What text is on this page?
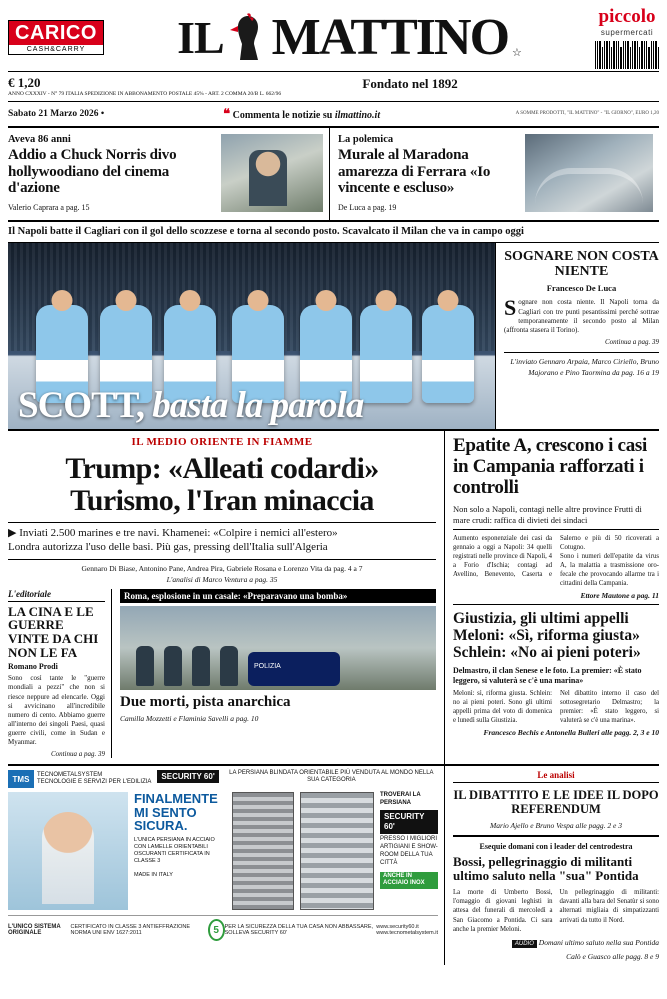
CARICO
CASH&CARRY	IL MATTINO ☆
piccolo
supermercati
€ 1,20
ANNO CXXXIV - N° 79 ITALIA SPEDIZIONE IN ABBONAMENTO POSTALE 45% - ART. 2 COMMA 20/B L. 662/96
Fondato nel 1892
Sabato 21 Marzo 2026 •	❝ Commenta le notizie su ilmattino.it	A SOMME PRODOTTI, "IL MATTINO" - "IL GIORNO", EURO 1,20
Aveva 86 anni
Addio a Chuck Norris divo hollywoodiano del cinema d'azione
Valerio Caprara a pag. 15
La polemica
Murale al Maradona amarezza di Ferrara «Io vincente e escluso»
De Luca a pag. 19
Il Napoli batte il Cagliari con il gol dello scozzese e torna al secondo posto. Scavalcato il Milan che va in campo oggi
SCOTT, basta la parola
SOGNARE NON COSTA NIENTE
Francesco De Luca

Sognare non costa niente. Il Napoli torna da Cagliari con tre punti pesantissimi perché sottrae temporaneamente il secondo posto al Milan (affronta stasera il Torino).

Continua a pag. 39
L'inviato Gennaro Arpaia, Marco Ciriello, Bruno Majorano e Pino Taormina da pag. 16 a 19
IL MEDIO ORIENTE IN FIAMME
Trump: «Alleati codardi»
Turismo, l'Iran minaccia
▶ Inviati 2.500 marines e tre navi. Khamenei: «Colpire i nemici all'estero»
Londra autorizza l'uso delle basi. Più gas, pressing dell'Italia sull'Algeria
Gennaro Di Biase, Antonino Pane, Andrea Pira, Gabriele Rosana e Lorenzo Vita da pag. 4 a 7
L'analisi di Marco Ventura a pag. 35
L'editoriale
LA CINA E LE GUERRE VINTE DA CHI NON LE FA
Romano Prodi

Sono così tante le "guerre mondiali a pezzi" che non si riesce neppure ad elencarle. Oggi si avvicinano all'incredibile numero di cento. Abbiamo guerre all'interno dei singoli Paesi, quasi guerre civili, come in Sudan e Myanmar.

Continua a pag. 39
Roma, esplosione in un casale: «Preparavano una bomba»
POLIZIA
Due morti, pista anarchica
Camilla Mozzetti e Flaminia Savelli a pag. 10
Epatite A, crescono i casi in Campania rafforzati i controlli
Non solo a Napoli, contagi nelle altre province Frutti di mare crudi: raffica di divieti dei sindaci
Aumento esponenziale dei casi da gennaio a oggi a Napoli: 34 quelli registrati nelle province di Napoli, 4 a Forio d'Ischia; contagi ad Avellino, Benevento, Caserta e Salerno e più di 50 ricoverati a Cotugno.
Sono i numeri dell'epatite da virus A, la malattia a trasmissione oro-fecale che provocando allarme tra i cittadini della Campania.
Ettore Mautone a pag. 11
Giustizia, gli ultimi appelli Meloni: «Sì, riforma giusta» Schlein: «No ai pieni poteri»
Delmastro, il clan Senese e le foto. La premier: «È stato leggero, si valuterà se c'è una marina»
Melonì: sì, riforma giusta. Schlein: no ai pieni poteri. Sono gli ultimi appelli prima del voto di domenica e lunedì sulla Giustizia.
Nel dibattito interno il caso del sottosegretario Delmastro; la premier: «È stato leggero, si valuterà se c'è una marina».
Francesco Bechis e Antonella Bulleri alle pagg. 2, 3 e 10
TMS	TECNOMETALSYSTEM
TECNOLOGIE E SERVIZI PER L'EDILIZIA
SECURITY 60'	LA PERSIANA BLINDATA ORIENTABILE PIÙ VENDUTA AL MONDO NELLA SUA CATEGORIA
FINALMENTE
MI SENTO
SICURA.
L'UNICA PERSIANA IN ACCIAIO CON LAMELLE ORIENTABILI OSCURANTI CERTIFICATA IN CLASSE 3
MADE IN ITALY
TROVERAI LA PERSIANA
SECURITY 60'
PRESSO I MIGLIORI ARTIGIANI E SHOW-ROOM DELLA TUA CITTÀ
ANCHE IN ACCIAIO INOX
L'UNICO SISTEMA ORIGINALE
CERTIFICATO IN CLASSE 3 ANTIEFFRAZIONE NORMA UNI ENV 1627:2011	5	PER LA SICUREZZA DELLA TUA CASA NON ABBASSARE, SOLLEVA SECURITY 60'
www.security60.it
www.tecnometalsystem.it
Le analisi
IL DIBATTITO E LE IDEE IL DOPO REFERENDUM
Mario Ajello e Bruno Vespa alle pagg. 2 e 3
Esequie domani con i leader del centrodestra
Bossi, pellegrinaggio di militanti ultimo saluto nella "sua" Pontida
La morte di Umberto Bossi, l'omaggio di giovani leghisti in attesa del funerali di mercoledì a San Giacomo a Pontida. Ci sara anche la premier Meloni.
Un pellegrinaggio di militanti: davanti alla bara del Senatùr si sono alternati migliaia di simpatizzanti arrivati da tutto il Nord.
AUDIO Domani ultimo saluto nella sua Pontida
Calò e Guasco alle pagg. 8 e 9
